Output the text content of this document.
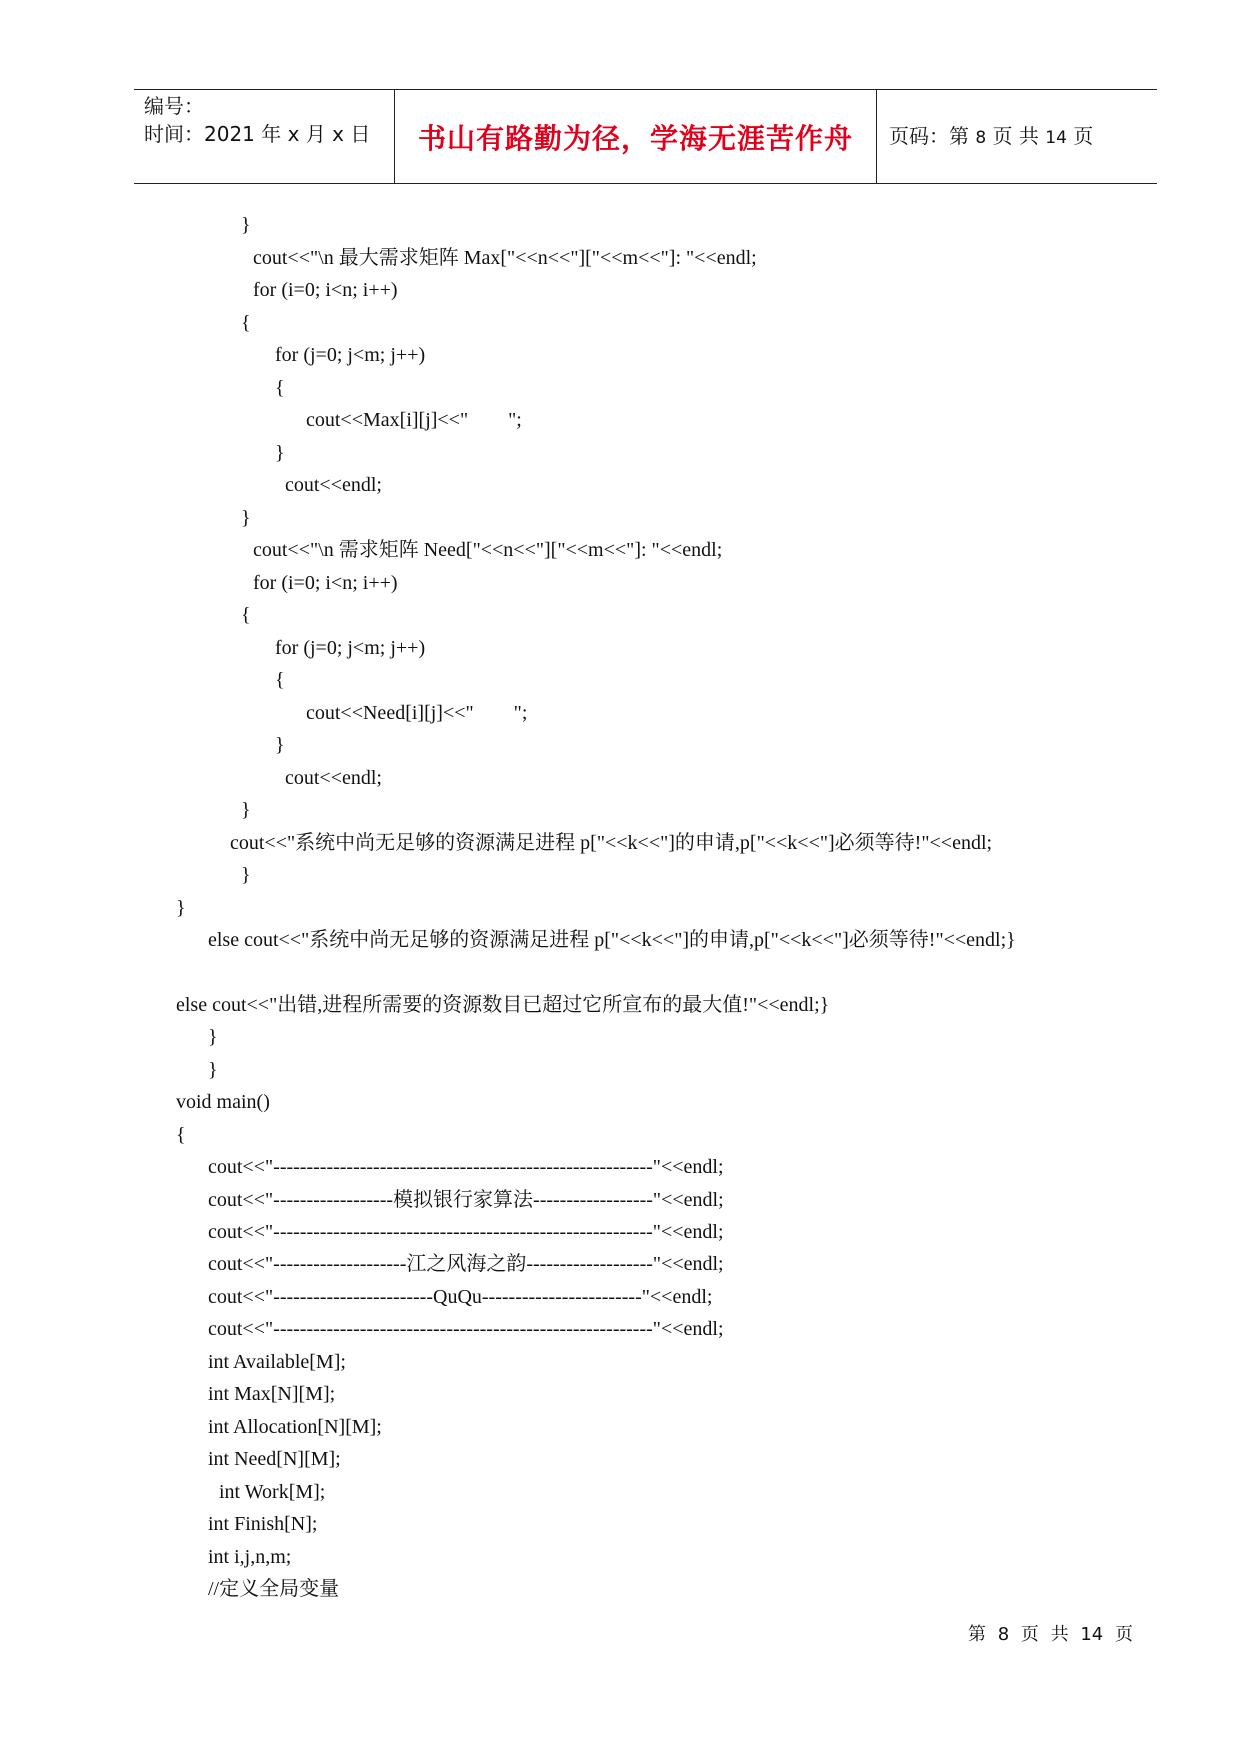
编号：
时间：2021 年 x 月 x 日	书山有路勤为径，学海无涯苦作舟	页码：第 8 页 共 14 页
}
cout<<"\n 最大需求矩阵 Max["<<n<<"]["<<m<<"]: "<<endl;
for (i=0; i<n; i++)
{
for (j=0; j<m; j++)
{
cout<<Max[i][j]<<"        ";
}
cout<<endl;
}
cout<<"\n 需求矩阵 Need["<<n<<"]["<<m<<"]: "<<endl;
for (i=0; i<n; i++)
{
for (j=0; j<m; j++)
{
cout<<Need[i][j]<<"        ";
}
cout<<endl;
}
cout<<"系统中尚无足够的资源满足进程 p["<<k<<"]的申请,p["<<k<<"]必须等待!"<<endl;
}
}
else cout<<"系统中尚无足够的资源满足进程 p["<<k<<"]的申请,p["<<k<<"]必须等待!"<<endl;}
else cout<<"出错,进程所需要的资源数目已超过它所宣布的最大值!"<<endl;}
}
}
void main()
{
cout<<"---------------------------------------------------------"<<endl;
cout<<"------------------模拟银行家算法------------------"<<endl;
cout<<"---------------------------------------------------------"<<endl;
cout<<"--------------------江之风海之韵-------------------"<<endl;
cout<<"------------------------QuQu------------------------"<<endl;
cout<<"---------------------------------------------------------"<<endl;
int Available[M];
int Max[N][M];
int Allocation[N][M];
int Need[N][M];
int Work[M];
int Finish[N];
int i,j,n,m;
//定义全局变量
第 8 页 共 14 页
